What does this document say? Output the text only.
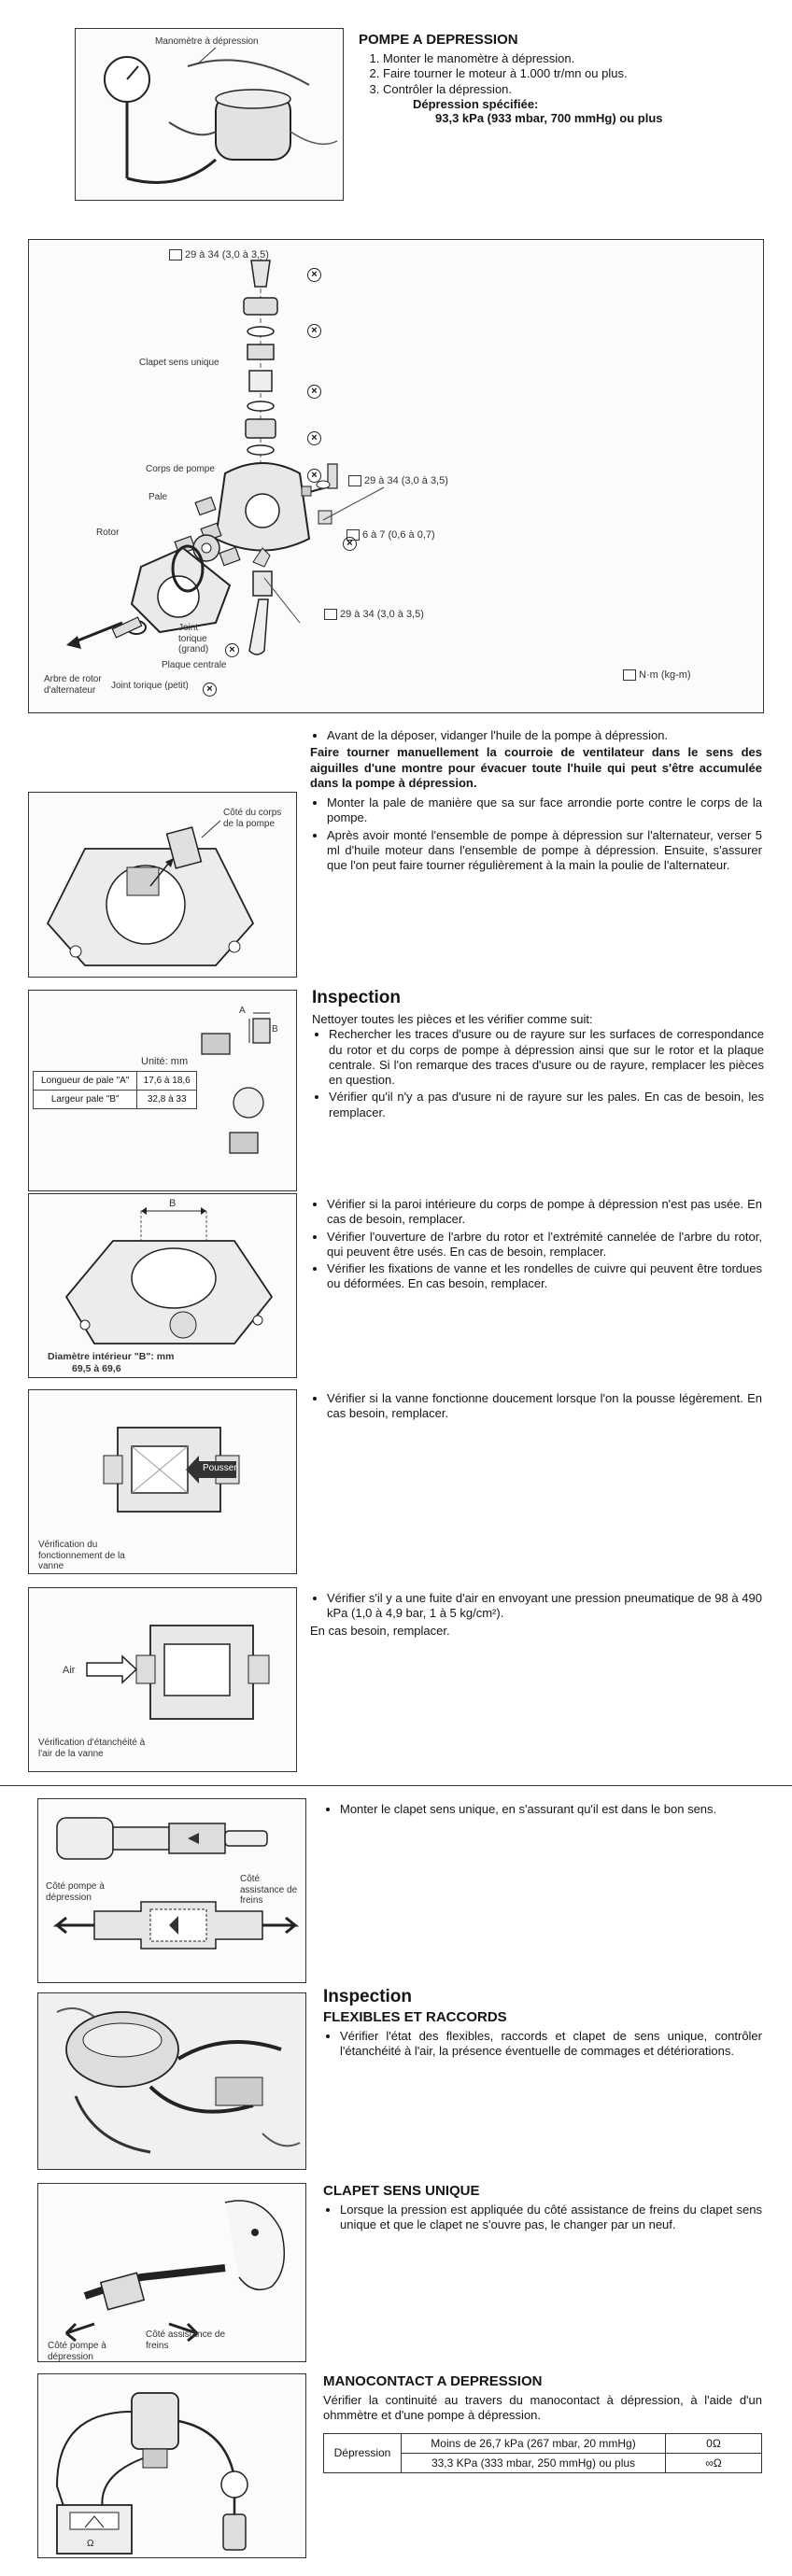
Manomètre à dépression	POMPE A DEPRESSION
1. Monter le manomètre à dépression.
2. Faire tourner le moteur à 1.000 tr/mn ou plus.
3. Contrôler la dépression.
Dépression spécifiée:
93,3 kPa (933 mbar, 700 mmHg) ou plus
29 à 34 (3,0 à 3,5)
×
×
×
×
×
×
×
×
Clapet sens unique
29 à 34 (3,0 à 3,5)
Corps de pompe
Pale
Rotor	6 à 7 (0,6 à 0,7)
29 à 34 (3,0 à 3,5)
Joint torique (grand)
Plaque centrale
Joint torique (petit)
Arbre de rotor d'alternateur
N·m (kg-m)
• Avant de la déposer, vidanger l'huile de la pompe à dépression.
Faire tourner manuellement la courroie de ventilateur dans le sens des aiguilles d'une montre pour évacuer toute l'huile qui peut s'être accumulée dans la pompe à dépression.
Côté du corps de la pompe
• Monter la pale de manière que sa sur face arrondie porte contre le corps de la pompe.
• Après avoir monté l'ensemble de pompe à dépression sur l'alternateur, verser 5 ml d'huile moteur dans l'ensemble de pompe à dépression. Ensuite, s'assurer que l'on peut faire tourner régulièrement à la main la poulie de l'alternateur.
A
B
Unité: mm
Longueur de pale "A"	17,6 à 18,6
Largeur pale "B"	32,8 à 33
Inspection
Nettoyer toutes les pièces et les vérifier comme suit:
• Rechercher les traces d'usure ou de rayure sur les surfaces de correspondance du rotor et du corps de pompe à dépression ainsi que sur le rotor et la plaque centrale. Si l'on remarque des traces d'usure ou de rayure, remplacer les pièces en question.
• Vérifier qu'il n'y a pas d'usure ni de rayure sur les pales. En cas de besoin, les remplacer.
B
Diamètre intérieur "B": mm
69,5 à 69,6
• Vérifier si la paroi intérieure du corps de pompe à dépression n'est pas usée. En cas de besoin, remplacer.
• Vérifier l'ouverture de l'arbre du rotor et l'extrémité cannelée de l'arbre du rotor, qui peuvent être usés. En cas de besoin, remplacer.
• Vérifier les fixations de vanne et les rondelles de cuivre qui peuvent être tordues ou déformées. En cas besoin, remplacer.
Pousser
Vérification du fonctionnement de la vanne
• Vérifier si la vanne fonctionne doucement lorsque l'on la pousse légèrement. En cas besoin, remplacer.
Air
Vérification d'étanchéité à l'air de la vanne
• Vérifier s'il y a une fuite d'air en envoyant une pression pneumatique de 98 à 490 kPa (1,0 à 4,9 bar, 1 à 5 kg/cm²).
En cas besoin, remplacer.
Côté pompe à dépression
Côté assistance de freins
• Monter le clapet sens unique, en s'assurant qu'il est dans le bon sens.
Inspection
FLEXIBLES ET RACCORDS
• Vérifier l'état des flexibles, raccords et clapet de sens unique, contrôler l'étanchéité à l'air, la présence éventuelle de commages et détériorations.
Côté pompe à dépression
Côté assistance de freins
CLAPET SENS UNIQUE
• Lorsque la pression est appliquée du côté assistance de freins du clapet sens unique et que le clapet ne s'ouvre pas, le changer par un neuf.
Ω
MANOCONTACT A DEPRESSION
Vérifier la continuité au travers du manocontact à dépression, à l'aide d'un ohmmètre et d'une pompe à dépression.
Dépression	Moins de 26,7 kPa (267 mbar, 20 mmHg)	0Ω
	33,3 KPa (333 mbar, 250 mmHg) ou plus	∞Ω
